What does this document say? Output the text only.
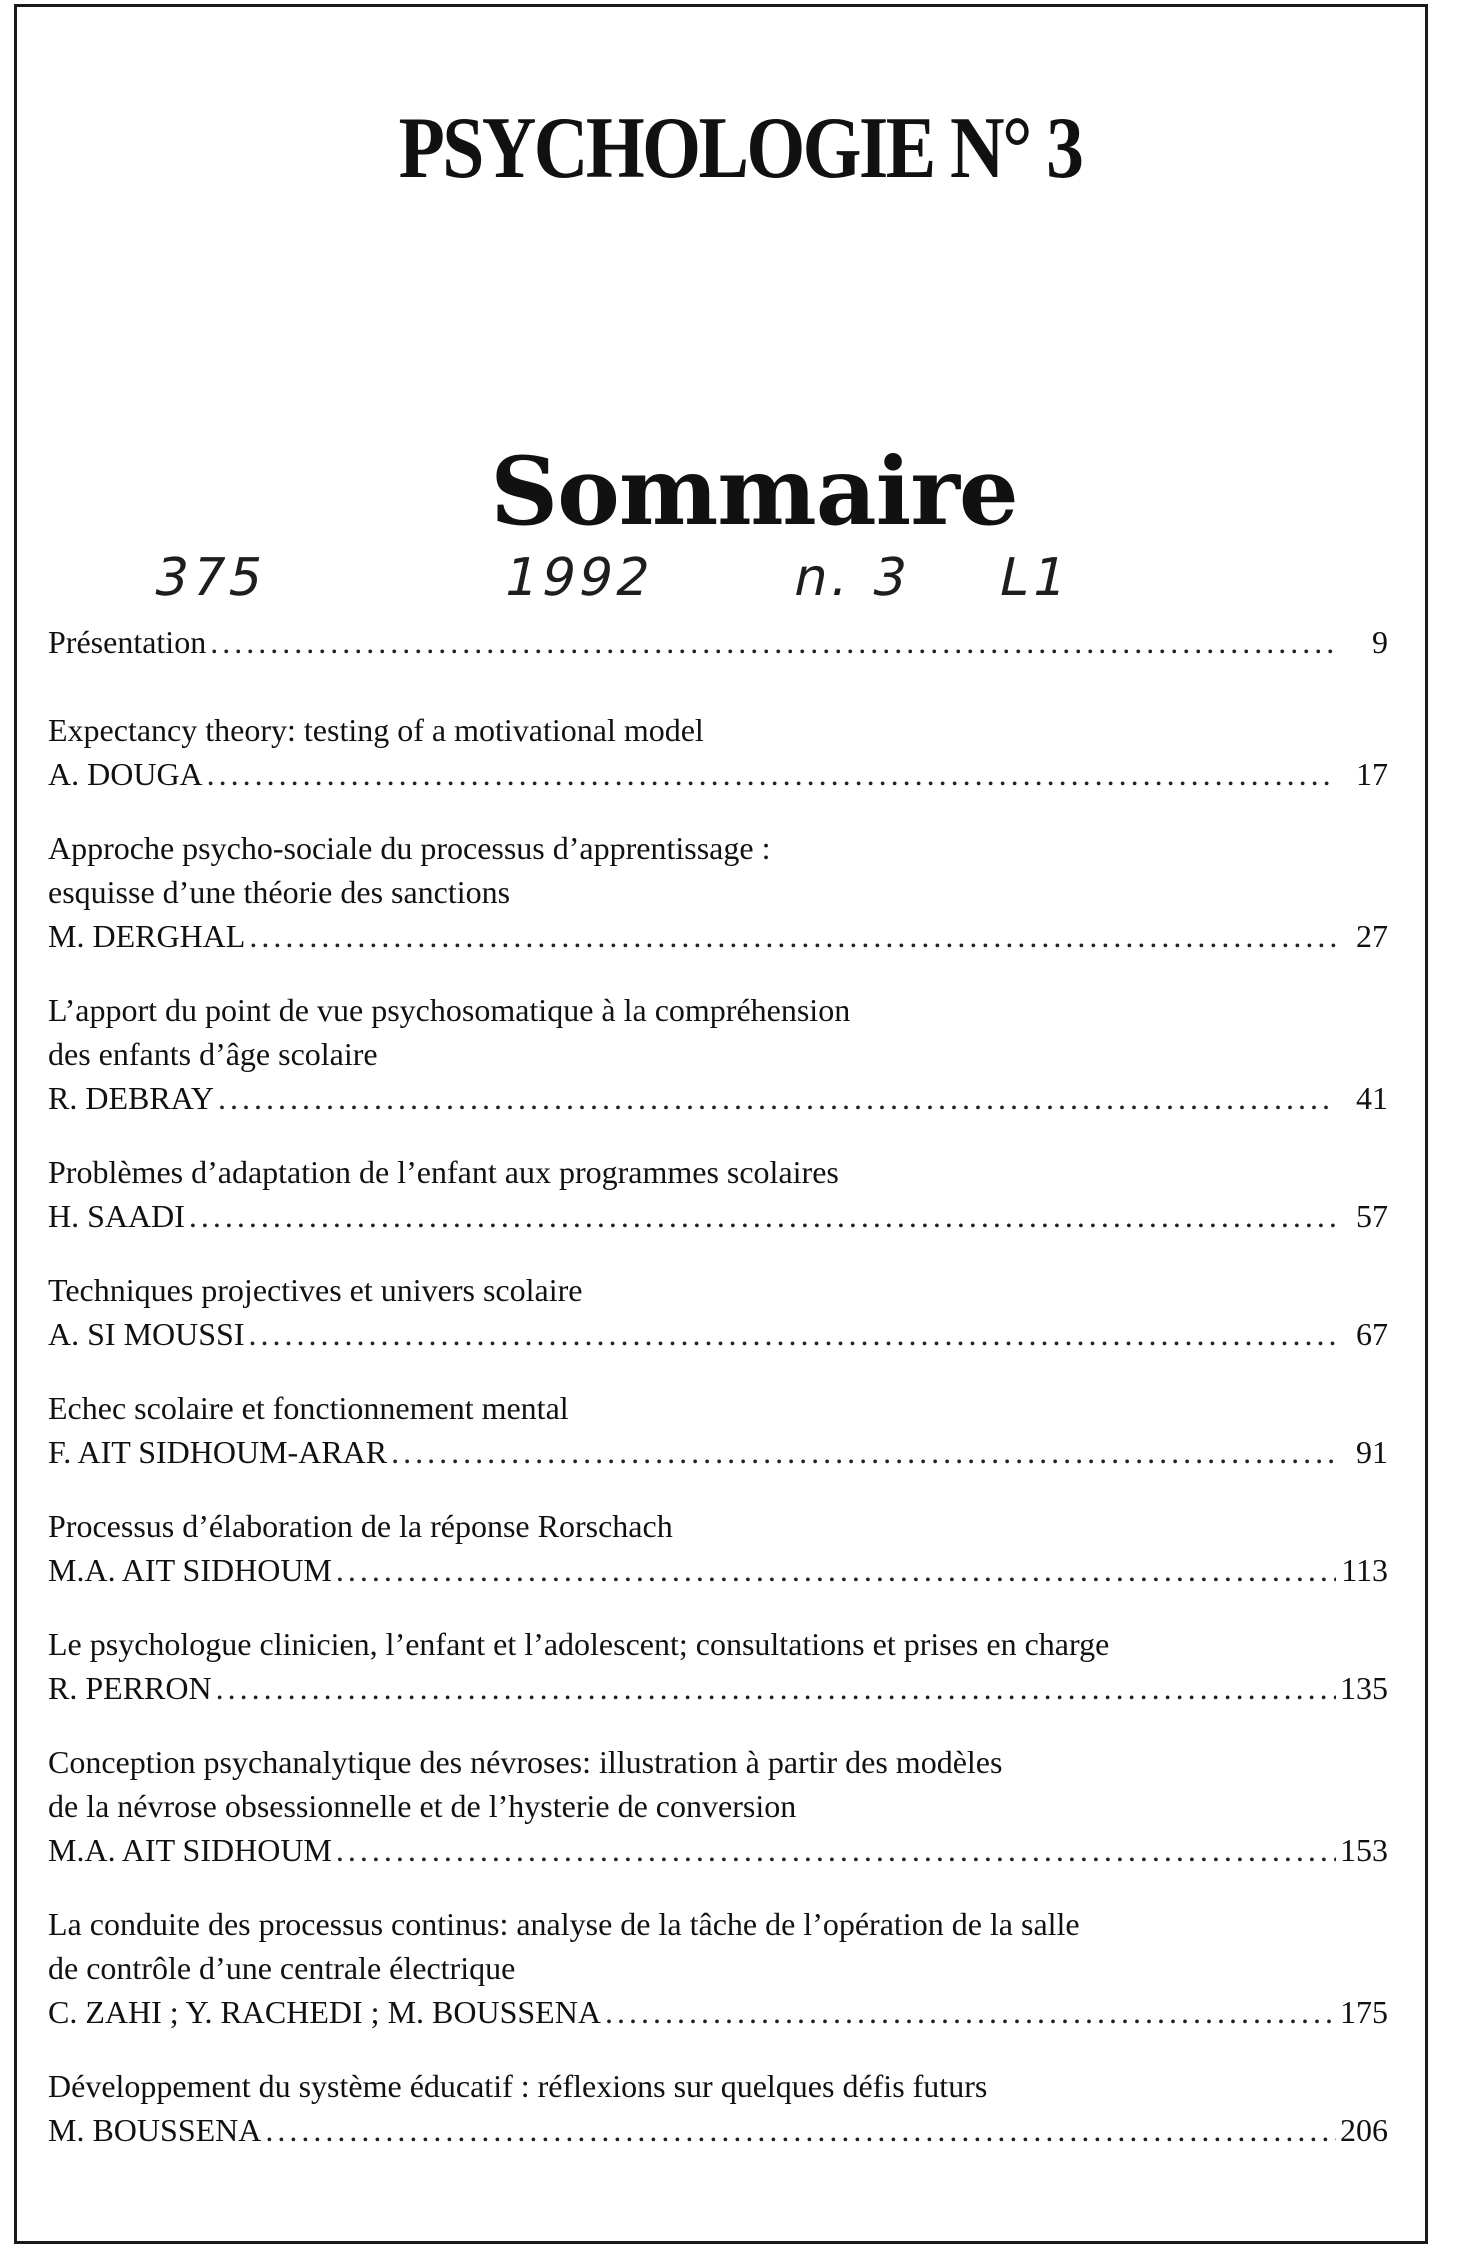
PSYCHOLOGIE N° 3
Sommaire
375	1992 n. 3 L1
Présentation .....	9
Expectancy theory: testing of a motivational model
A. DOUGA .....	17
Approche psycho-sociale du processus d’apprentissage :
esquisse d’une théorie des sanctions
M. DERGHAL .....	27
L’apport du point de vue psychosomatique à la compréhension
des enfants d’âge scolaire
R. DEBRAY .....	41
Problèmes d’adaptation de l’enfant aux programmes scolaires
H. SAADI .....	57
Techniques projectives et univers scolaire
A. SI MOUSSI .....	67
Echec scolaire et fonctionnement mental
F. AIT SIDHOUM-ARAR .....	91
Processus d’élaboration de la réponse Rorschach
M.A. AIT SIDHOUM .....	113
Le psychologue clinicien, l’enfant et l’adolescent; consultations et prises en charge
R. PERRON .....	135
Conception psychanalytique des névroses: illustration à partir des modèles
de la névrose obsessionnelle et de l’hysterie de conversion
M.A. AIT SIDHOUM .....	153
La conduite des processus continus: analyse de la tâche de l’opération de la salle
de contrôle d’une centrale électrique
C. ZAHI ; Y. RACHEDI ; M. BOUSSENA .....	175
Développement du système éducatif : réflexions sur quelques défis futurs
M. BOUSSENA .....	206
